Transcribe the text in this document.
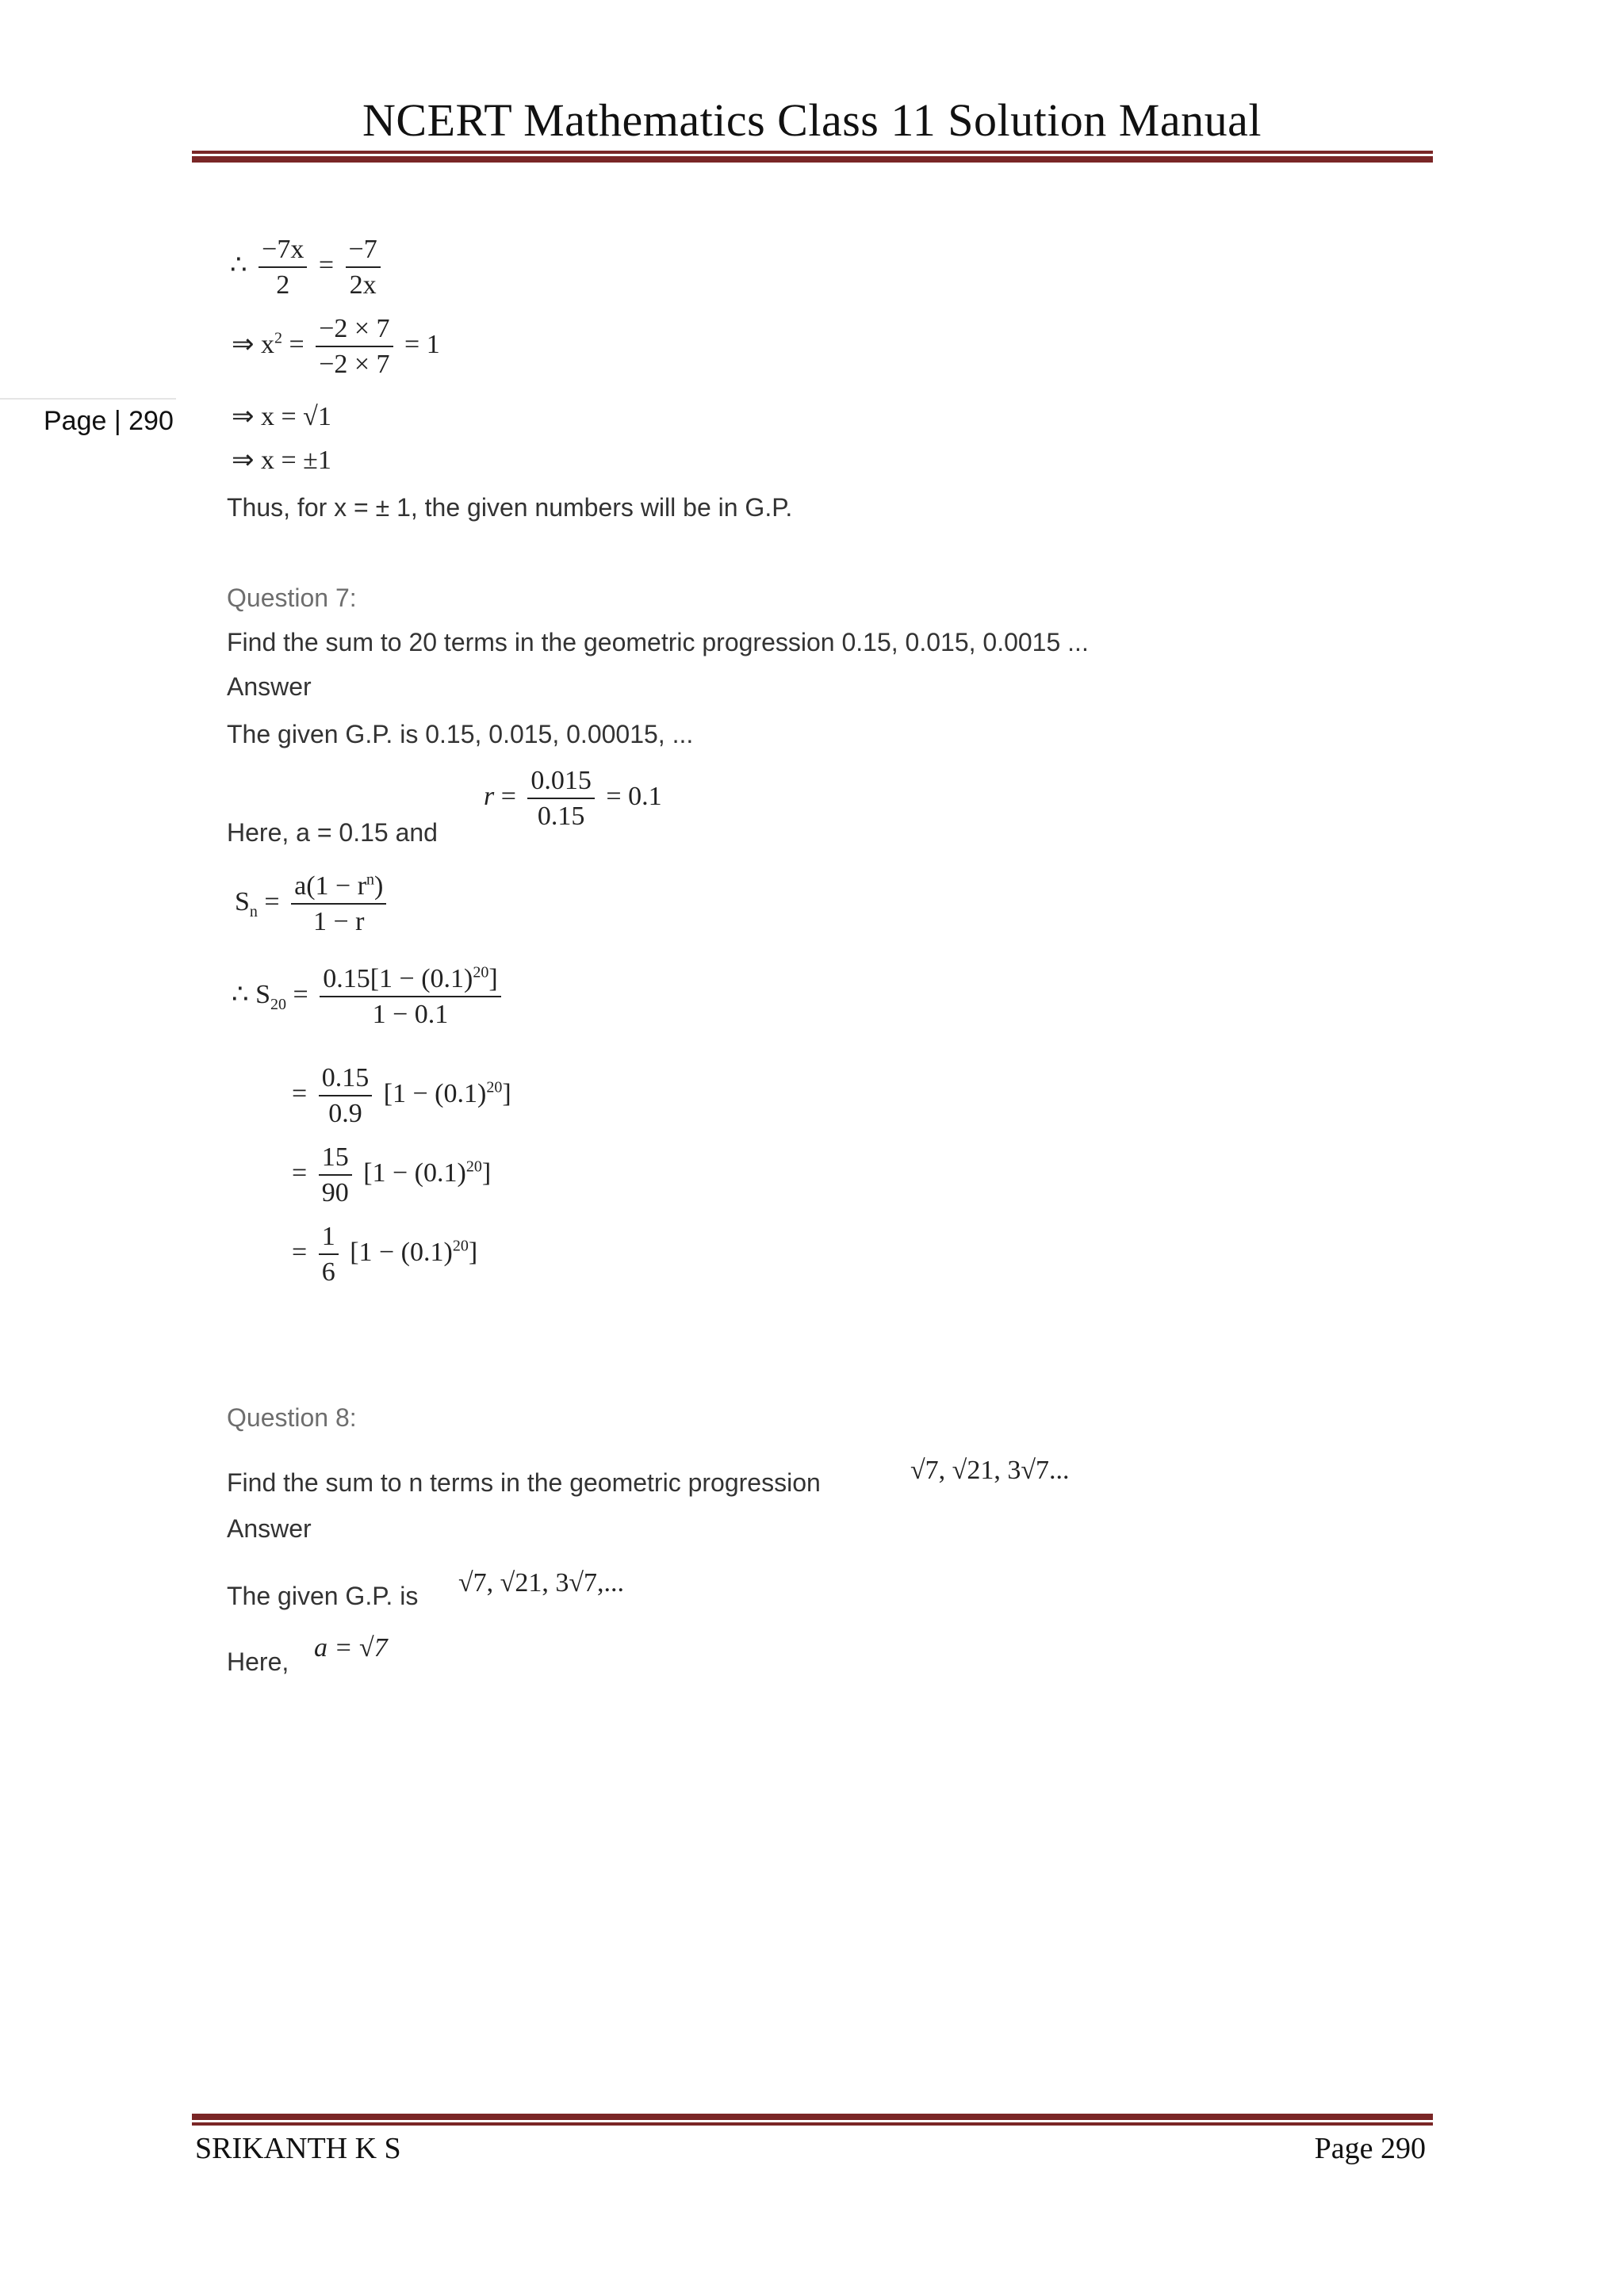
NCERT Mathematics Class 11 Solution Manual
Page | 290
∴ $\frac{-7x}{2} = \frac{-7}{2x}$
⇒ $x^2 = \frac{-2 \times 7}{-2 \times 7} = 1$
⇒ x = √1
⇒ x = ±1
Thus, for x = ± 1, the given numbers will be in G.P.
Question 7:
Find the sum to 20 terms in the geometric progression 0.15, 0.015, 0.0015 ...
Answer
The given G.P. is 0.15, 0.015, 0.00015, ...
Here, a = 0.15 and
$r = \frac{0.015}{0.15} = 0.1$
$S_n = \frac{a(1 - r^n)}{1 - r}$
∴ $S_{20} = \frac{0.15[1 - (0.1)^{20}]}{1 - 0.1}$
= $\frac{0.15}{0.9} [1 - (0.1)^{20}]$
= $\frac{15}{90} [1 - (0.1)^{20}]$
= $\frac{1}{6} [1 - (0.1)^{20}]$
Question 8:
Find the sum to n terms in the geometric progression	√7, √21, 3√7...
Answer
The given G.P. is √7, √21, 3√7,...
Here, a = √7
SRIKANTH K S	Page 290
